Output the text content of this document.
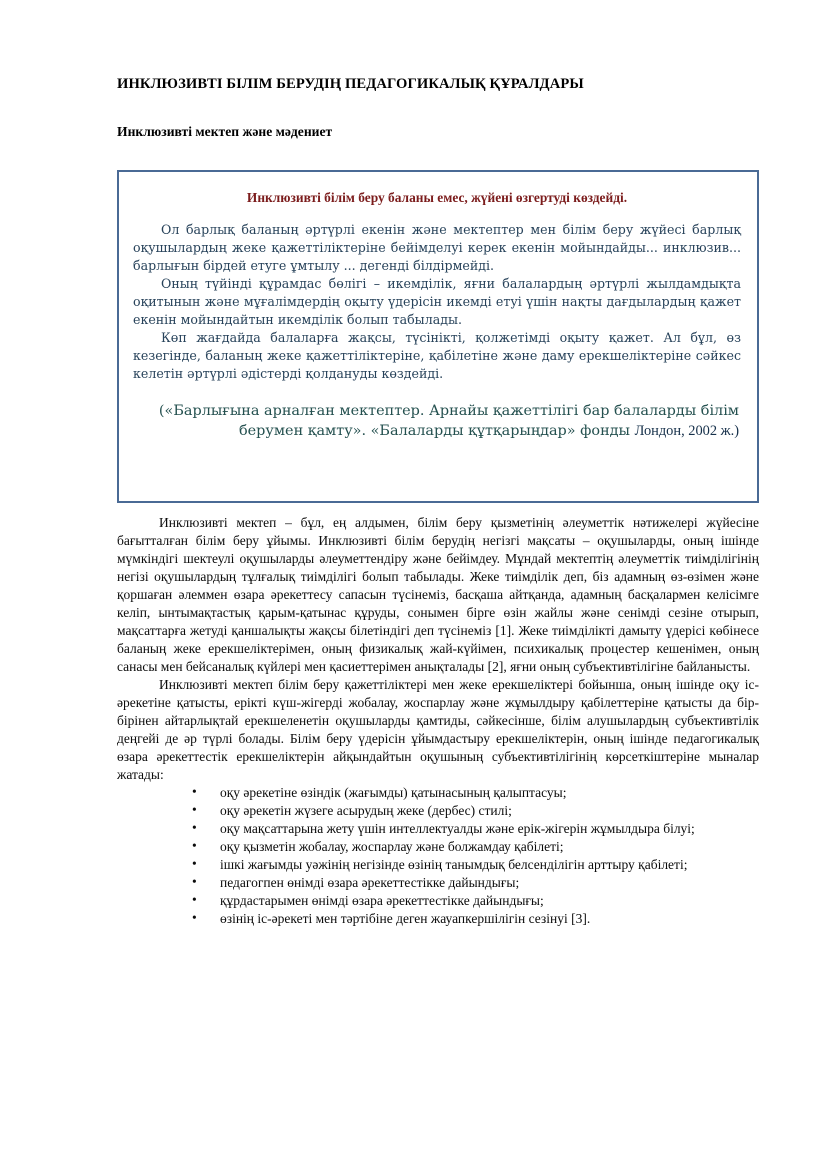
ИНКЛЮЗИВТІ БІЛІМ БЕРУДІҢ ПЕДАГОГИКАЛЫҚ ҚҰРАЛДАРЫ
Инклюзивті мектеп және мәдениет
Инклюзивті білім беру баланы емес, жүйені өзгертуді көздейді.

Ол барлық баланың әртүрлі екенін және мектептер мен білім беру жүйесі барлық оқушылардың жеке қажеттіліктеріне бейімделуі керек екенін мойындайды... инклюзив... барлығын бірдей етуге ұмтылу ... дегенді білдірмейді.

Оның түйінді құрамдас бөлігі – икемділік, яғни балалардың әртүрлі жылдамдықта оқитынын және мұғалімдердің оқыту үдерісін икемді етуі үшін нақты дағдылардың қажет екенін мойындайтын икемділік болып табылады.

Көп жағдайда балаларға жақсы, түсінікті, қолжетімді оқыту қажет. Ал бұл, өз кезегінде, баланың жеке қажеттіліктеріне, қабілетіне және даму ерекшеліктеріне сәйкес келетін әртүрлі әдістерді қолдануды көздейді.

(«Барлығына арналған мектептер. Арнайы қажеттілігі бар балаларды білім берумен қамту». «Балаларды құтқарыңдар» фонды Лондон, 2002 ж.)

Инклюзивті мектеп – бұл, ең алдымен, білім беру қызметінің әлеуметтік нәтижелері жүйесіне бағытталған білім беру ұйымы. Инклюзивті білім берудің негізгі мақсаты – оқушыларды, оның ішінде мүмкіндігі шектеулі оқушыларды әлеуметтендіру және бейімдеу. Мұндай мектептің әлеуметтік тиімділігінің негізі оқушылардың тұлғалық тиімділігі болып табылады. Жеке тиімділік деп, біз адамның өз-өзімен және қоршаған әлеммен өзара әрекеттесу сапасын түсінеміз, басқаша айтқанда, адамның басқалармен келісімге келіп, ынтымақтастық қарым-қатынас құруды, сонымен бірге өзін жайлы және сенімді сезіне отырып, мақсаттарға жетуді қаншалықты жақсы білетіндігі деп түсінеміз [1]. Жеке тиімділікті дамыту үдерісі көбінесе баланың жеке ерекшеліктерімен, оның физикалық жай-күйімен, психикалық процестер кешенімен, оның санасы мен бейсаналық күйлері мен қасиеттерімен анықталады [2], яғни оның субъективтілігіне байланысты.

Инклюзивті мектеп білім беру қажеттіліктері мен жеке ерекшеліктері бойынша, оның ішінде оқу іс-әрекетіне қатысты, ерікті күш-жігерді жобалау, жоспарлау және жұмылдыру қабілеттеріне қатысты да бір-бірінен айтарлықтай ерекшеленетін оқушыларды қамтиды, сәйкесінше, білім алушылардың субъективтілік деңгейі де әр түрлі болады. Білім беру үдерісін ұйымдастыру ерекшеліктерін, оның ішінде педагогикалық өзара әрекеттестік ерекшеліктерін айқындайтын оқушының субъективтілігінің көрсеткіштеріне мыналар жатады:

• оқу әрекетіне өзіндік (жағымды) қатынасының қалыптасуы;
• оқу әрекетін жүзеге асырудың жеке (дербес) стилі;
• оқу мақсаттарына жету үшін интеллектуалды және ерік-жігерін жұмылдыра білуі;
• оқу қызметін жобалау, жоспарлау және болжамдау қабілеті;
• ішкі жағымды уәжінің негізінде өзінің танымдық белсенділігін арттыру қабілеті;
• педагогпен өнімді өзара әрекеттестікке дайындығы;
• құрдастарымен өнімді өзара әрекеттестікке дайындығы;
• өзінің іс-әрекеті мен тәртібіне деген жауапкершілігін сезінуі [3].
